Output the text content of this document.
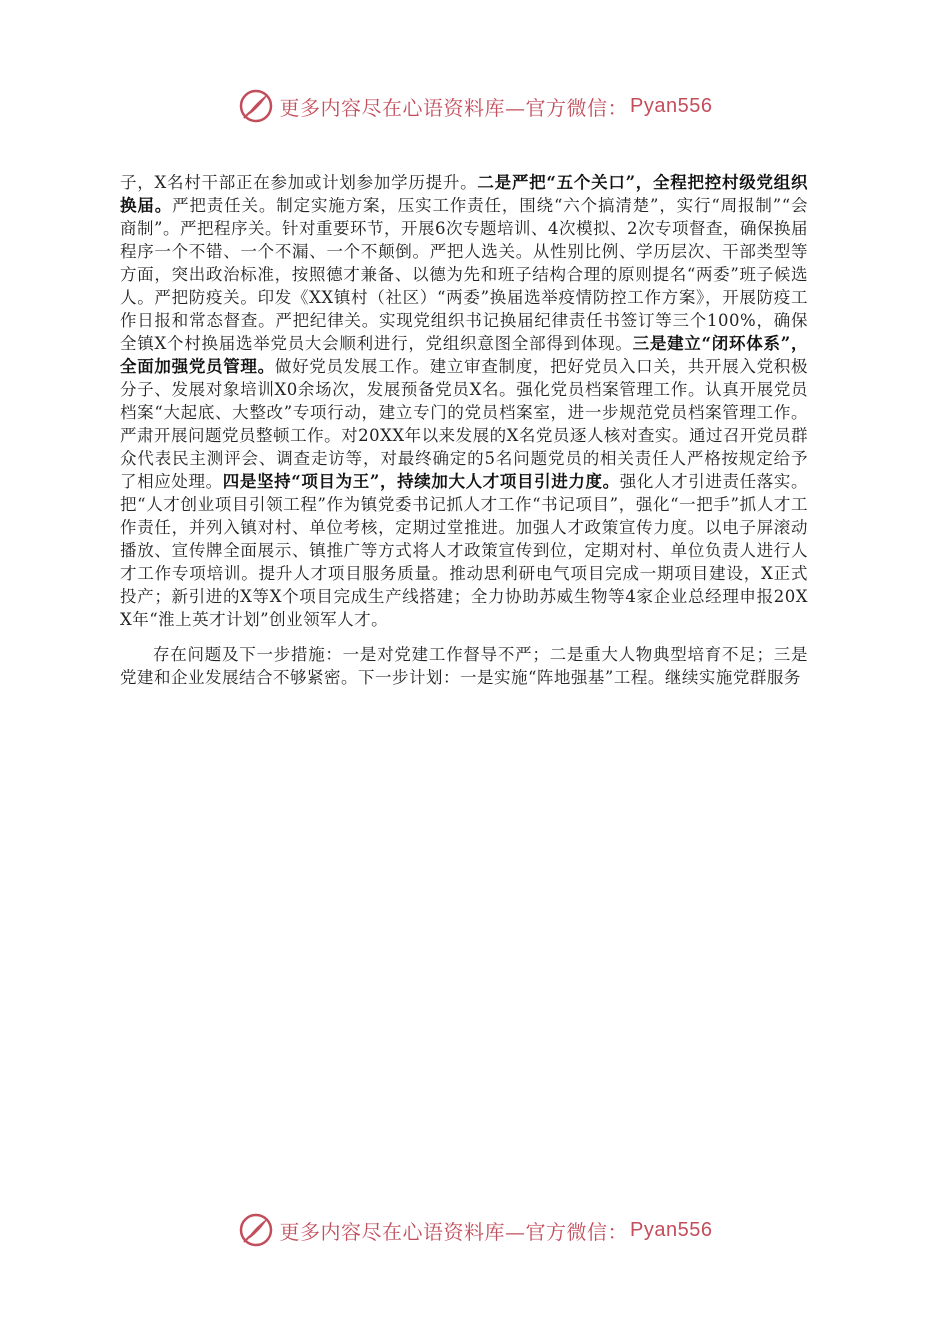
更多内容尽在心语资料库—官方微信： Pyan556

子，X名村干部正在参加或计划参加学历提升。二是严把“五个关口”，全程把控村级党组织换届。严把责任关。制定实施方案，压实工作责任，围绕“六个搞清楚”，实行“周报制”“会商制”。严把程序关。针对重要环节，开展6次专题培训、4次模拟、2次专项督查，确保换届程序一个不错、一个不漏、一个不颠倒。严把人选关。从性别比例、学历层次、干部类型等方面，突出政治标准，按照德才兼备、以德为先和班子结构合理的原则提名“两委”班子候选人。严把防疫关。印发《XX镇村（社区）“两委”换届选举疫情防控工作方案》，开展防疫工作日报和常态督查。严把纪律关。实现党组织书记换届纪律责任书签订等三个100%，确保全镇X个村换届选举党员大会顺利进行，党组织意图全部得到体现。三是建立“闭环体系”，全面加强党员管理。做好党员发展工作。建立审查制度，把好党员入口关，共开展入党积极分子、发展对象培训X0余场次，发展预备党员X名。强化党员档案管理工作。认真开展党员档案“大起底、大整改”专项行动，建立专门的党员档案室，进一步规范党员档案管理工作。严肃开展问题党员整顿工作。对20XX年以来发展的X名党员逐人核对查实。通过召开党员群众代表民主测评会、调查走访等，对最终确定的5名问题党员的相关责任人严格按规定给予了相应处理。四是坚持“项目为王”，持续加大人才项目引进力度。强化人才引进责任落实。把“人才创业项目引领工程”作为镇党委书记抓人才工作“书记项目”，强化“一把手”抓人才工作责任，并列入镇对村、单位考核，定期过堂推进。加强人才政策宣传力度。以电子屏滚动播放、宣传牌全面展示、镇推广等方式将人才政策宣传到位，定期对村、单位负责人进行人才工作专项培训。提升人才项目服务质量。推动思利研电气项目完成一期项目建设，X正式投产；新引进的X等X个项目完成生产线搭建；全力协助苏威生物等4家企业总经理申报20XX年“淮上英才计划”创业领军人才。

存在问题及下一步措施：一是对党建工作督导不严；二是重大人物典型培育不足；三是党建和企业发展结合不够紧密。下一步计划：一是实施“阵地强基”工程。继续实施党群服务

更多内容尽在心语资料库—官方微信： Pyan556
